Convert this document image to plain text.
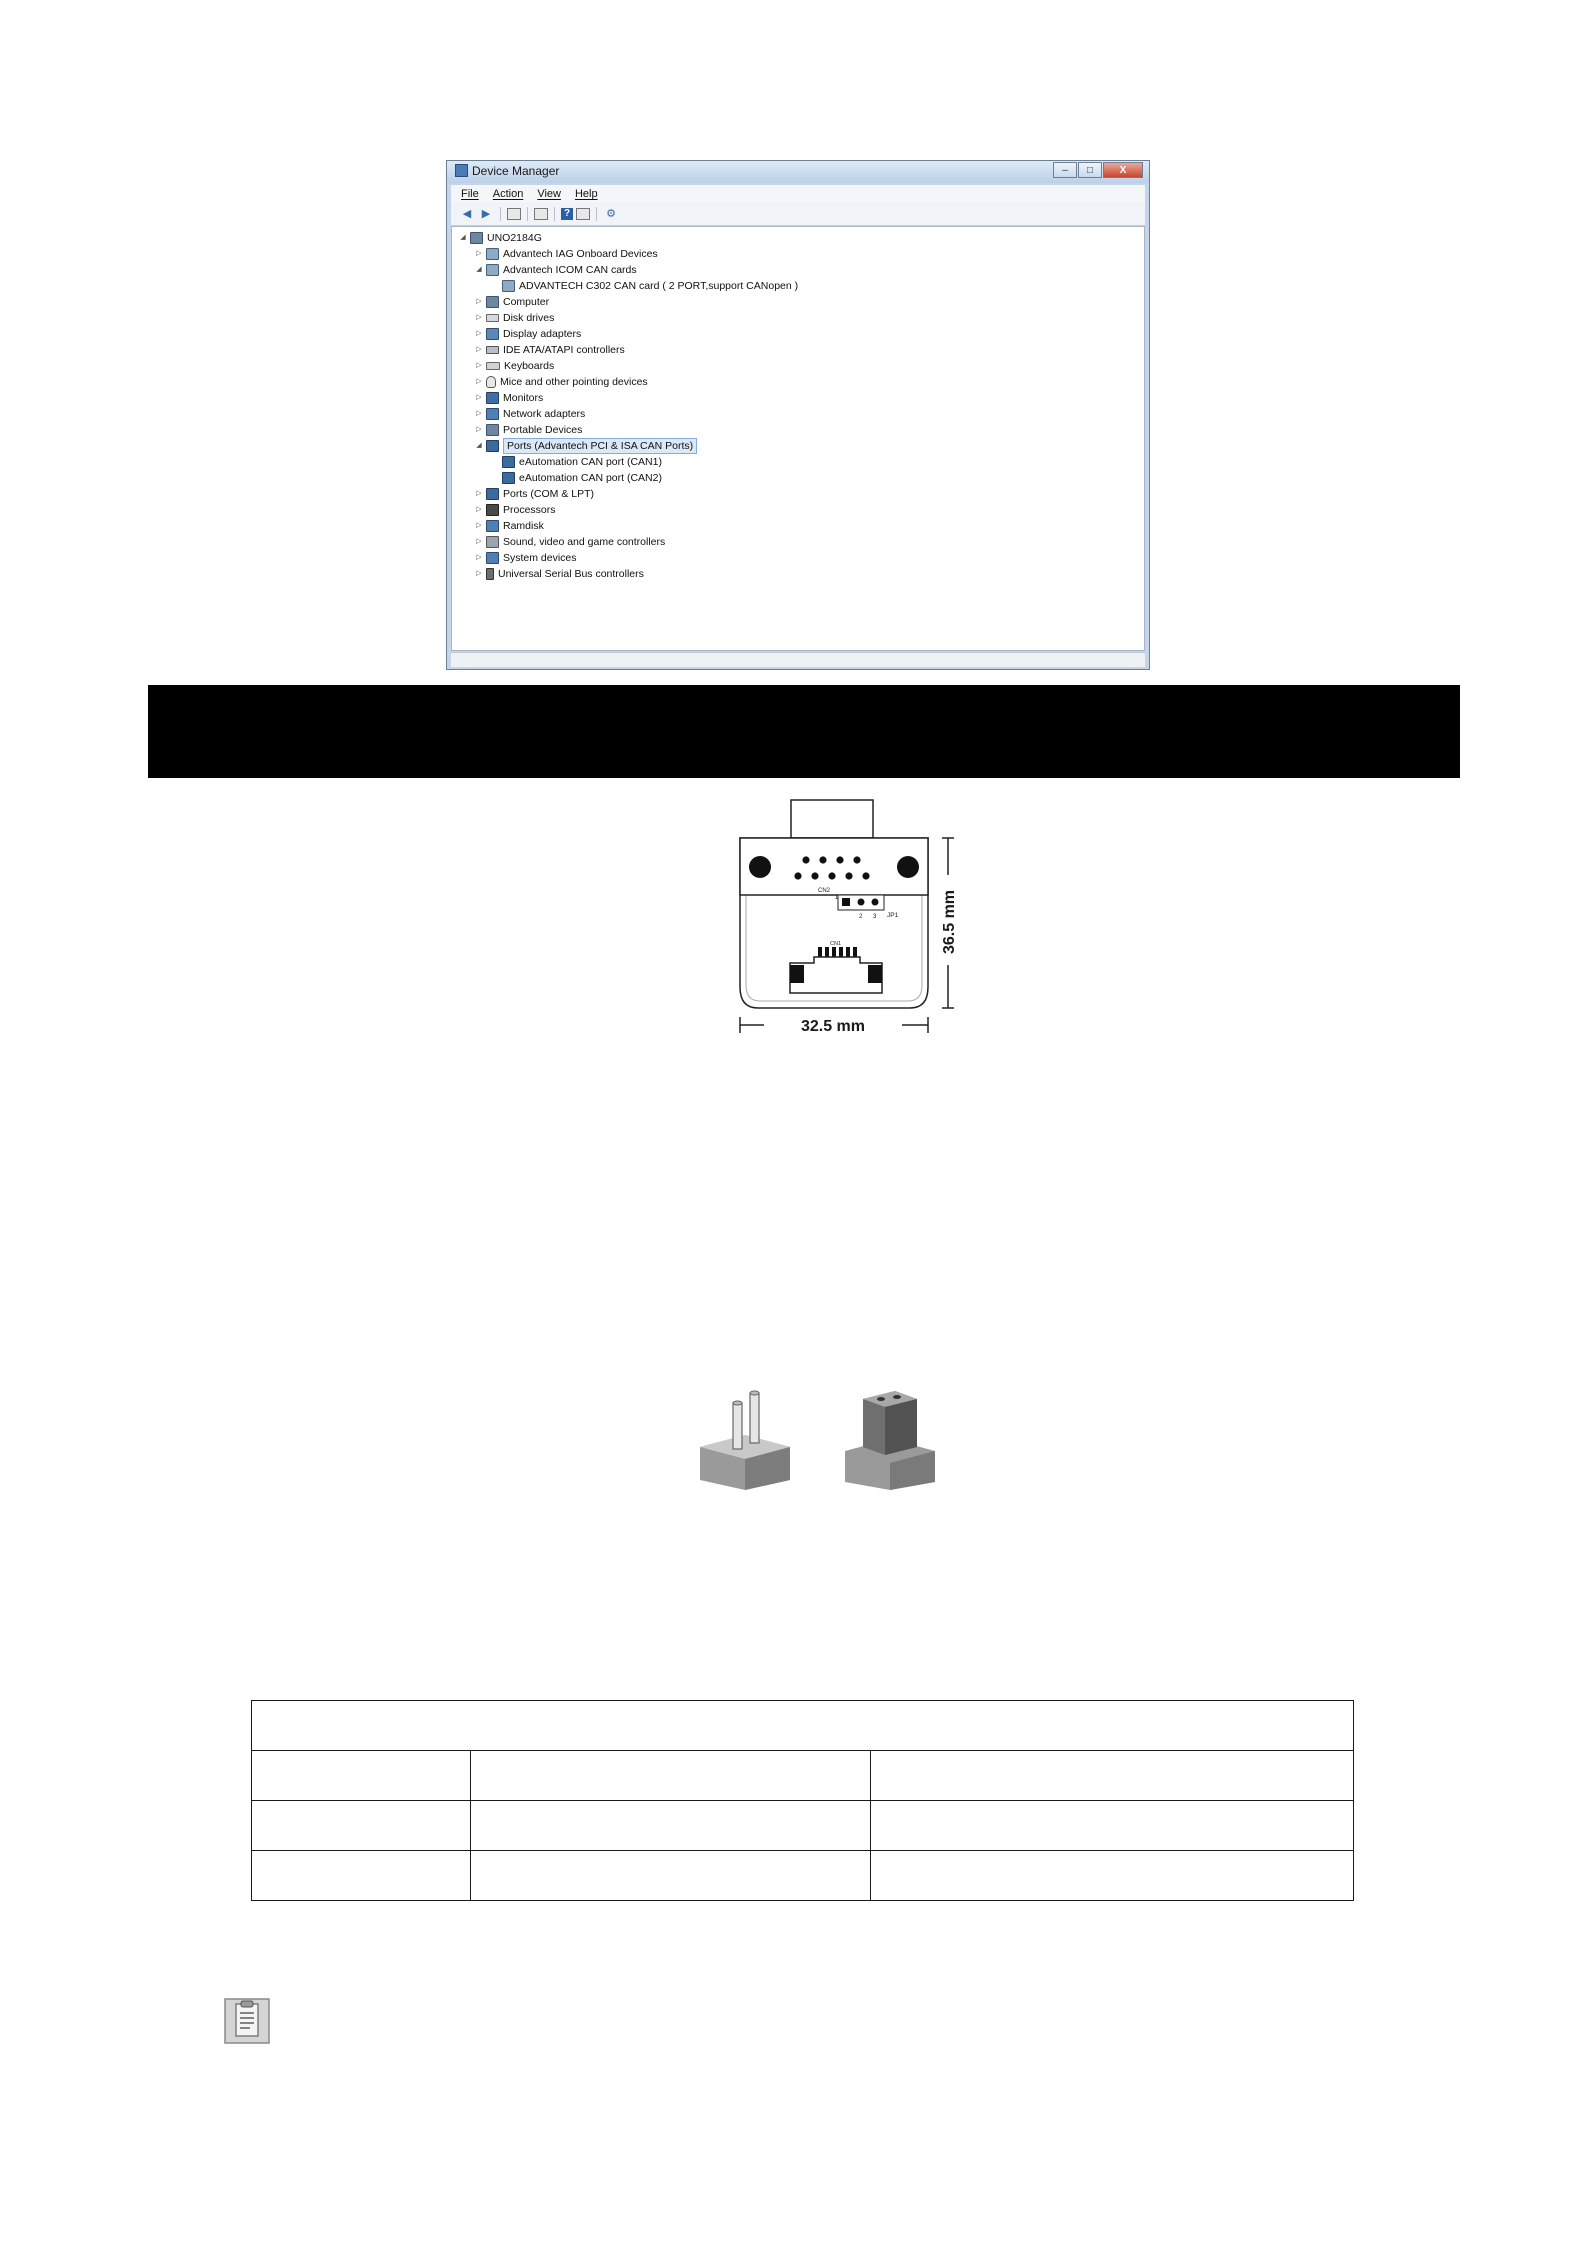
Device Manager	–	□	X
File Action View Help
◀ ▶	?	⚙
◢ UNO2184G
▷ Advantech IAG Onboard Devices
◢ Advantech ICOM CAN cards
ADVANTECH C302 CAN card ( 2 PORT,support CANopen )
▷ Computer
▷ Disk drives
▷ Display adapters
▷ IDE ATA/ATAPI controllers
▷ Keyboards
▷ Mice and other pointing devices
▷ Monitors
▷ Network adapters
▷ Portable Devices
◢	Ports (Advantech PCI & ISA CAN Ports)
eAutomation CAN port (CAN1)
eAutomation CAN port (CAN2)
▷ Ports (COM & LPT)
▷ Processors
▷ Ramdisk
▷ Sound, video and game controllers
▷ System devices
▷ Universal Serial Bus controllers
CN2
1
2 3 JP1
CN1	36.5 mm
32.5 mm
